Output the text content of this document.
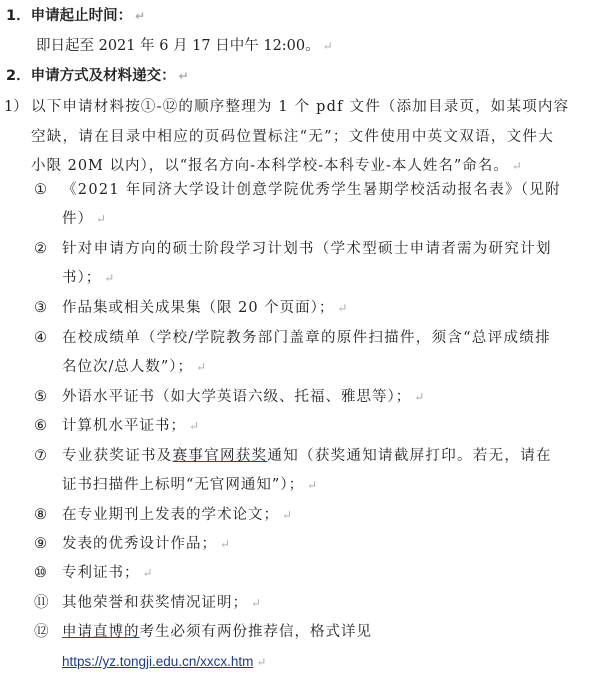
1．申请起止时间： ↵
即日起至 2021 年 6 月 17 日中午 12:00。 ↵
2．申请方式及材料递交： ↵
1） 以下申请材料按①-⑫的顺序整理为 1 个 pdf 文件（添加目录页，如某项内容
空缺，请在目录中相应的页码位置标注“无”；文件使用中英文双语，文件大
小限 20M 以内），以“报名方向-本科学校-本科专业-本人姓名”命名。 ↵
①	《2021 年同济大学设计创意学院优秀学生暑期学校活动报名表》（见附
件） ↵
②	针对申请方向的硕士阶段学习计划书（学术型硕士申请者需为研究计划
书）； ↵
③	作品集或相关成果集（限 20 个页面）； ↵
④	在校成绩单（学校/学院教务部门盖章的原件扫描件，须含“总评成绩排
名位次/总人数”）； ↵
⑤	外语水平证书（如大学英语六级、托福、雅思等）； ↵
⑥	计算机水平证书； ↵
⑦	专业获奖证书及赛事官网获奖通知（获奖通知请截屏打印。若无，请在
证书扫描件上标明“无官网通知”）； ↵
⑧	在专业期刊上发表的学术论文； ↵
⑨	发表的优秀设计作品； ↵
⑩	专利证书； ↵
⑪ 其他荣誉和获奖情况证明； ↵
⑫ 申请直博的考生必须有两份推荐信，格式详见
https://yz.tongji.edu.cn/xxcx.htm ↵
